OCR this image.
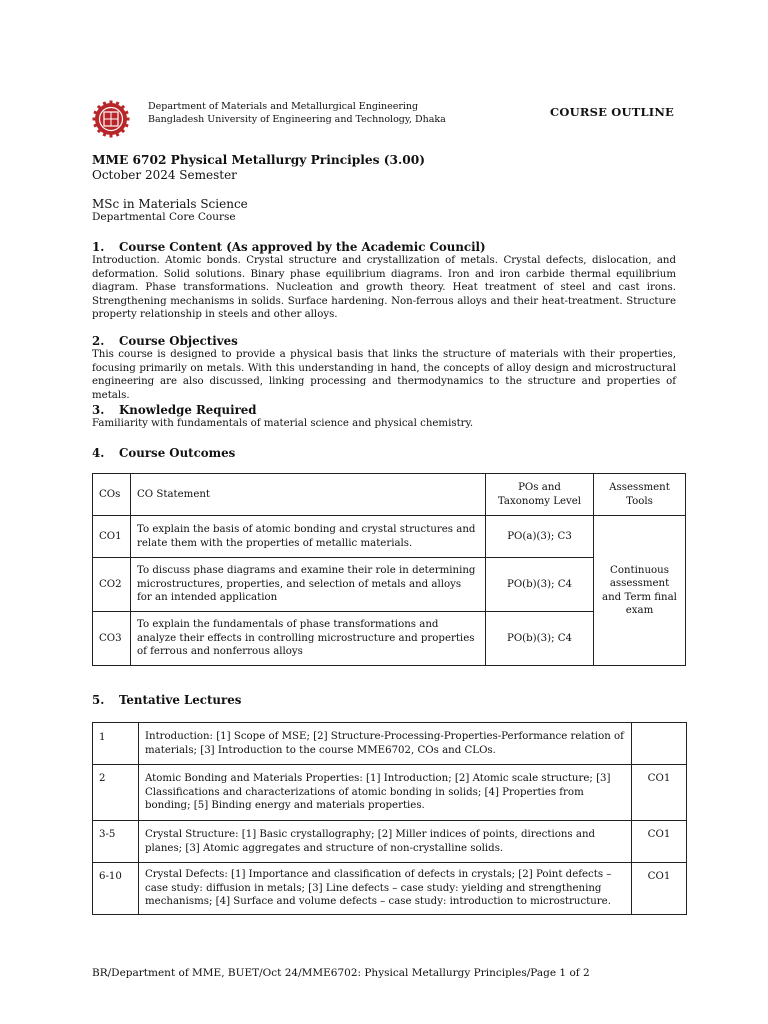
Department of Materials and Metallurgical Engineering
Bangladesh University of Engineering and Technology, Dhaka
COURSE OUTLINE
MME 6702 Physical Metallurgy Principles (3.00)
October 2024 Semester
MSc in Materials Science
Departmental Core Course
1. Course Content (As approved by the Academic Council)
Introduction. Atomic bonds. Crystal structure and crystallization of metals. Crystal defects, dislocation, and deformation. Solid solutions. Binary phase equilibrium diagrams. Iron and iron carbide thermal equilibrium diagram. Phase transformations. Nucleation and growth theory. Heat treatment of steel and cast irons. Strengthening mechanisms in solids. Surface hardening. Non-ferrous alloys and their heat-treatment. Structure property relationship in steels and other alloys.
2. Course Objectives
This course is designed to provide a physical basis that links the structure of materials with their properties, focusing primarily on metals. With this understanding in hand, the concepts of alloy design and microstructural engineering are also discussed, linking processing and thermodynamics to the structure and properties of metals.
3. Knowledge Required
Familiarity with fundamentals of material science and physical chemistry.
4. Course Outcomes
COs	CO Statement	POs and Taxonomy Level	Assessment Tools
CO1	To explain the basis of atomic bonding and crystal structures and relate them with the properties of metallic materials.	PO(a)(3); C3	Continuous assessment and Term final exam
CO2	To discuss phase diagrams and examine their role in determining microstructures, properties, and selection of metals and alloys for an intended application	PO(b)(3); C4	
CO3	To explain the fundamentals of phase transformations and analyze their effects in controlling microstructure and properties of ferrous and nonferrous alloys	PO(b)(3); C4	
5. Tentative Lectures
1	Introduction: [1] Scope of MSE; [2] Structure-Processing-Properties-Performance relation of materials; [3] Introduction to the course MME6702, COs and CLOs.	
2	Atomic Bonding and Materials Properties: [1] Introduction; [2] Atomic scale structure; [3] Classifications and characterizations of atomic bonding in solids; [4] Properties from bonding; [5] Binding energy and materials properties.	CO1
3-5	Crystal Structure: [1] Basic crystallography; [2] Miller indices of points, directions and planes; [3] Atomic aggregates and structure of non-crystalline solids.	CO1
6-10	Crystal Defects: [1] Importance and classification of defects in crystals; [2] Point defects – case study: diffusion in metals; [3] Line defects – case study: yielding and strengthening mechanisms; [4] Surface and volume defects – case study: introduction to microstructure.	CO1
BR/Department of MME, BUET/Oct 24/MME6702: Physical Metallurgy Principles/Page 1 of 2
